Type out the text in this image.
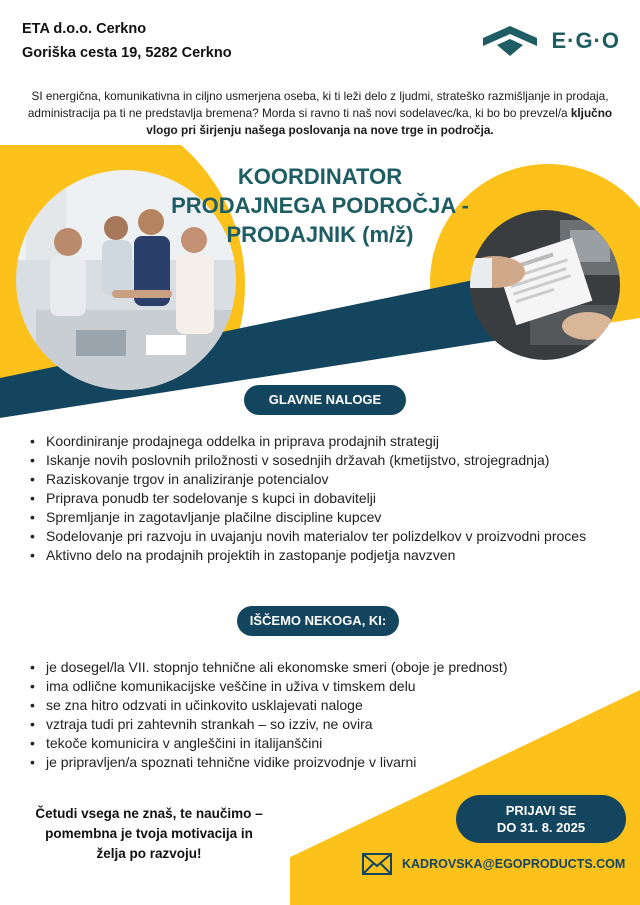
ETA d.o.o. Cerkno
Goriška cesta 19, 5282 Cerkno	E·G·O
SI energična, komunikativna in ciljno usmerjena oseba, ki ti leži delo z ljudmi, strateško razmišljanje in prodaja, administracija pa ti ne predstavlja bremena? Morda si ravno ti naš novi sodelavec/ka, ki bo bo prevzel/a ključno vlogo pri širjenju našega poslovanja na nove trge in področja.
KOORDINATOR
PRODAJNEGA PODROČJA -
PRODAJNIK (m/ž)
GLAVNE NALOGE
• Koordiniranje prodajnega oddelka in priprava prodajnih strategij
• Iskanje novih poslovnih priložnosti v sosednjih državah (kmetijstvo, strojegradnja)
• Raziskovanje trgov in analiziranje potencialov
• Priprava ponudb ter sodelovanje s kupci in dobavitelji
• Spremljanje in zagotavljanje plačilne discipline kupcev
• Sodelovanje pri razvoju in uvajanju novih materialov ter polizdelkov v proizvodni proces
• Aktivno delo na prodajnih projektih in zastopanje podjetja navzven
IŠČEMO NEKOGA, KI:
• je dosegel/la VII. stopnjo tehnične ali ekonomske smeri (oboje je prednost)
• ima odlične komunikacijske veščine in uživa v timskem delu
• se zna hitro odzvati in učinkovito usklajevati naloge
• vztraja tudi pri zahtevnih strankah – so izziv, ne ovira
• tekoče komunicira v angleščini in italijanščini
• je pripravljen/a spoznati tehnične vidike proizvodnje v livarni
Četudi vsega ne znaš, te naučimo –
pomembna je tvoja motivacija in
želja po razvoju!
PRIJAVI SE
DO 31. 8. 2025
KADROVSKA@EGOPRODUCTS.COM
